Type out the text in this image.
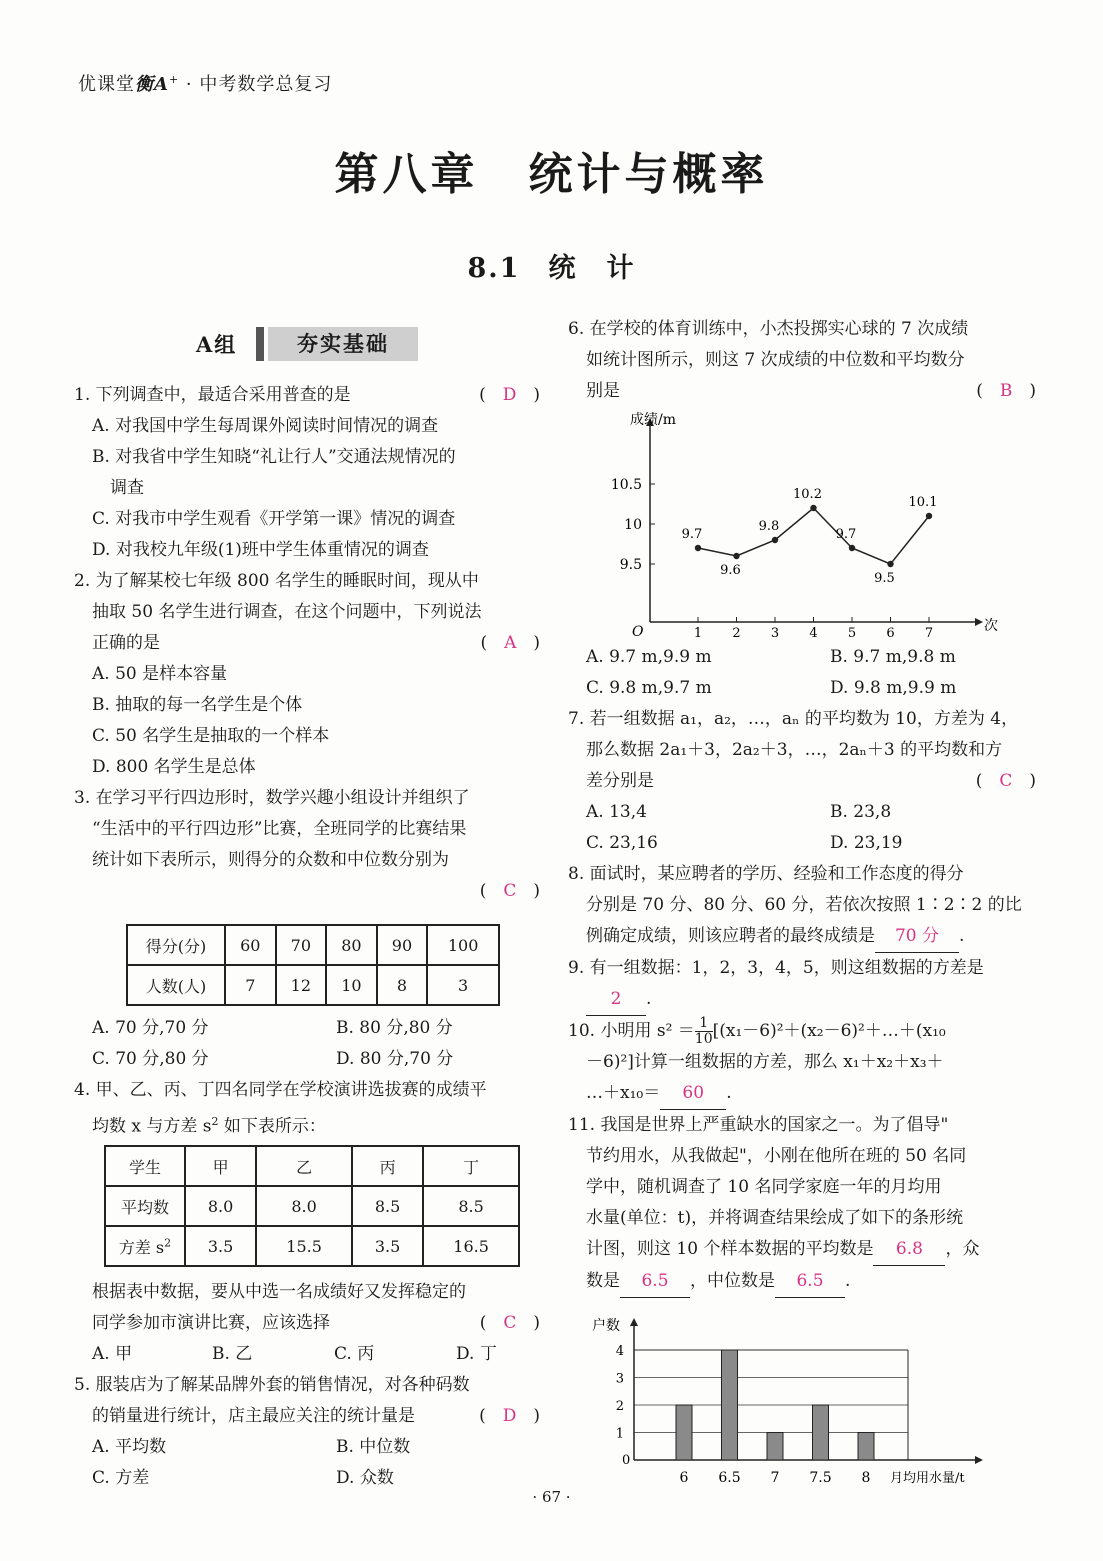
优课堂衡A+ · 中考数学总复习
第八章 统计与概率
8.1 统　计
A组	夯实基础
1. 下列调查中，最适合采用普查的是	(　D　)
A. 对我国中学生每周课外阅读时间情况的调查
B. 对我省中学生知晓“礼让行人”交通法规情况的
调查
C. 对我市中学生观看《开学第一课》情况的调查
D. 对我校九年级(1)班中学生体重情况的调查
2. 为了解某校七年级 800 名学生的睡眠时间，现从中
抽取 50 名学生进行调查，在这个问题中，下列说法
正确的是	(　A　)
A. 50 是样本容量
B. 抽取的每一名学生是个体
C. 50 名学生是抽取的一个样本
D. 800 名学生是总体
3. 在学习平行四边形时，数学兴趣小组设计并组织了
“生活中的平行四边形”比赛，全班同学的比赛结果
统计如下表所示，则得分的众数和中位数分别为
(　C　)

得分(分)	60	70	80	90	100
人数(人)	7	12	10	8	3
A. 70 分,70 分	B. 80 分,80 分
C. 70 分,80 分	D. 80 分,70 分
4. 甲、乙、丙、丁四名同学在学校演讲选拔赛的成绩平
均数 x 与方差 $s^2$ 如下表所示：
学生	甲	乙	丙	丁
平均数	8.0	8.0	8.5	8.5
方差 $s^2$	3.5	15.5	3.5	16.5
根据表中数据，要从中选一名成绩好又发挥稳定的
同学参加市演讲比赛，应该选择	(　C　)
A. 甲	B. 乙	C. 丙	D. 丁
5. 服装店为了解某品牌外套的销售情况，对各种码数
的销量进行统计，店主最应关注的统计量是	(　D　)
A. 平均数	B. 中位数
C. 方差	D. 众数
6. 在学校的体育训练中，小杰投掷实心球的 7 次成绩
如统计图所示，则这 7 次成绩的中位数和平均数分
别是	(　B　)
成绩/m
次
O
9.5
10
10.5
1 2 3 4 5 6 7
9.7
9.6
9.8
10.2
9.7
9.5
10.1
A. 9.7 m,9.9 m	B. 9.7 m,9.8 m
C. 9.8 m,9.7 m	D. 9.8 m,9.9 m
7. 若一组数据 a₁，a₂，…，aₙ 的平均数为 10，方差为 4，
那么数据 2a₁＋3，2a₂＋3，…，2aₙ＋3 的平均数和方
差分别是	(　C　)
A. 13,4	B. 23,8
C. 23,16	D. 23,19
8. 面试时，某应聘者的学历、经验和工作态度的得分
分别是 70 分、80 分、60 分，若依次按照 1∶2∶2 的比
例确定成绩，则该应聘者的最终成绩是 70 分 .
9. 有一组数据：1，2，3，4，5，则这组数据的方差是
2 .
10. 小明用 $s^2 = \frac{1}{10}$ [(x₁－6)²＋(x₂－6)²＋…＋(x₁₀
－6)²]计算一组数据的方差，那么 x₁＋x₂＋x₃＋
…＋x₁₀＝ 60 .
11. 我国是世界上严重缺水的国家之一。为了倡导"
节约用水，从我做起"，小刚在他所在班的 50 名同
学中，随机调查了 10 名同学家庭一年的月均用
水量(单位：t)，并将调查结果绘成了如下的条形统
计图，则这 10 个样本数据的平均数是 6.8 ，众
数是 6.5 ，中位数是 6.5 .
户数
月均用水量/t
0
1
2
3
4
6 6.5 7 7.5 8
· 67 ·
